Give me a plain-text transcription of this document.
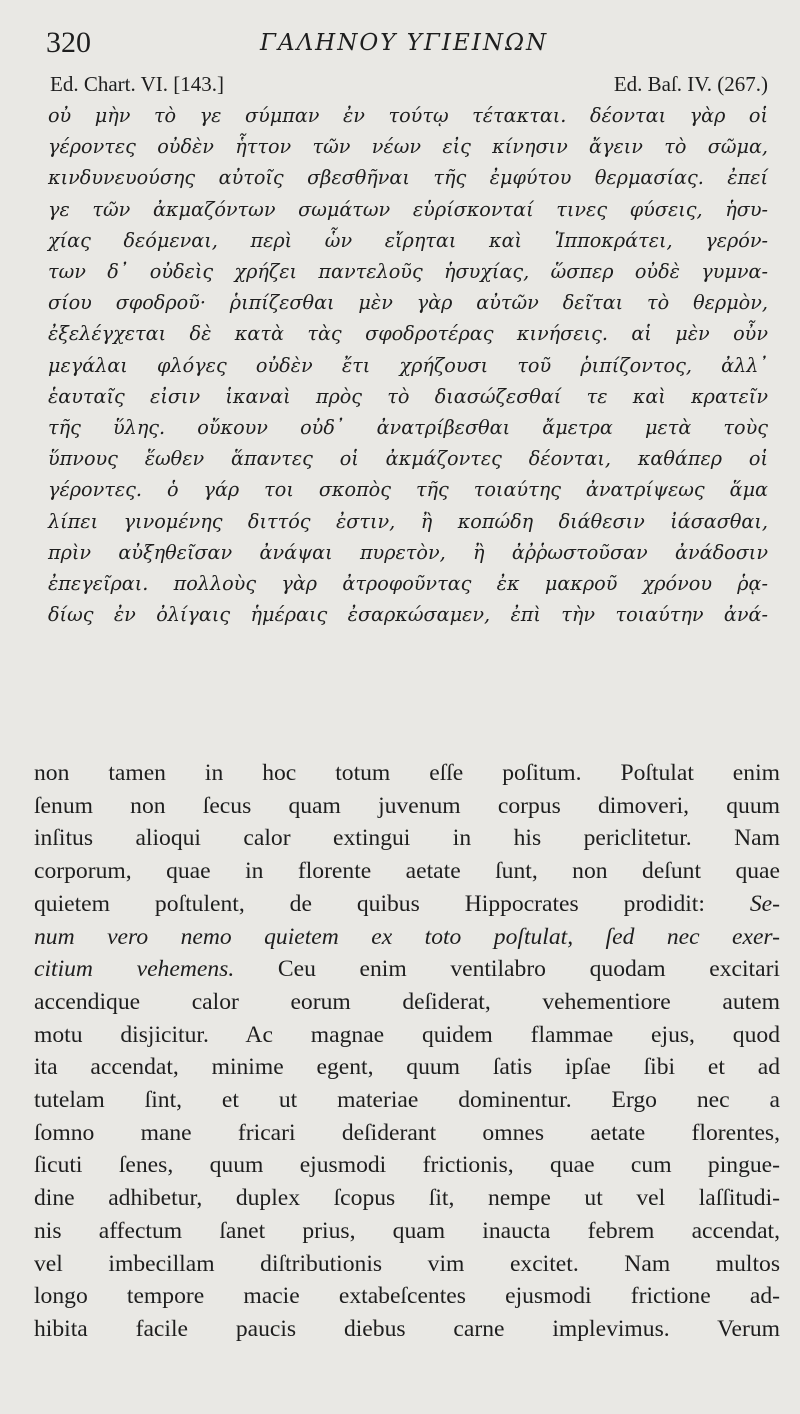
320	ΓΑΛΗΝΟΥ ΥΓΙΕΙΝΩΝ
Ed. Chart. VI. [143.]	Ed. Baſ. IV. (267.)
οὐ μὴν τὸ γε σύμπαν ἐν τούτῳ τέτακται. δέονται γὰρ οἱ
γέροντες οὐδὲν ἧττον τῶν νέων εἰς κίνησιν ἄγειν τὸ σῶμα,
κινδυνευούσης αὐτοῖς σβεσθῆναι τῆς ἐμφύτου θερμασίας. ἐπεί
γε τῶν ἀκμαζόντων σωμάτων εὑρίσκονταί τινες φύσεις, ἡσυ-
χίας δεόμεναι, περὶ ὧν εἴρηται καὶ Ἱπποκράτει, γερόν-
των δ᾽ οὐδεὶς χρήζει παντελοῦς ἡσυχίας, ὥσπερ οὐδὲ γυμνα-
σίου σφοδροῦ· ῥιπίζεσθαι μὲν γὰρ αὐτῶν δεῖται τὸ θερμὸν,
ἐξελέγχεται δὲ κατὰ τὰς σφοδροτέρας κινήσεις. αἱ μὲν οὖν
μεγάλαι φλόγες οὐδὲν ἔτι χρήζουσι τοῦ ῥιπίζοντος, ἀλλ᾽
ἑαυταῖς εἰσιν ἱκαναὶ πρὸς τὸ διασώζεσθαί τε καὶ κρατεῖν
τῆς ὕλης. οὔκουν οὐδ᾽ ἀνατρίβεσθαι ἄμετρα μετὰ τοὺς
ὕπνους ἕωθεν ἅπαντες οἱ ἀκμάζοντες δέονται, καθάπερ οἱ
γέροντες. ὁ γάρ τοι σκοπὸς τῆς τοιαύτης ἀνατρίψεως ἅμα
λίπει γινομένης διττός ἐστιν, ἢ κοπώδη διάθεσιν ἰάσασθαι,
πρὶν αὐξηθεῖσαν ἀνάψαι πυρετὸν, ἢ ἀῤῥωστοῦσαν ἀνάδοσιν
ἐπεγεῖραι. πολλοὺς γὰρ ἀτροφοῦντας ἐκ μακροῦ χρόνου ῥᾳ-
δίως ἐν ὀλίγαις ἡμέραις ἐσαρκώσαμεν, ἐπὶ τὴν τοιαύτην ἀνά-
non tamen in hoc totum eſſe poſitum. Poſtulat enim
ſenum non ſecus quam juvenum corpus dimoveri, quum
inſitus alioqui calor extingui in his periclitetur. Nam
corporum, quae in florente aetate ſunt, non deſunt quae
quietem poſtulent, de quibus Hippocrates prodidit: Se-
num vero nemo quietem ex toto poſtulat, ſed nec exer-
citium vehemens. Ceu enim ventilabro quodam excitari
accendique calor eorum deſiderat, vehementiore autem
motu disjicitur. Ac magnae quidem flammae ejus, quod
ita accendat, minime egent, quum ſatis ipſae ſibi et ad
tutelam ſint, et ut materiae dominentur. Ergo nec a
ſomno mane fricari deſiderant omnes aetate florentes,
ſicuti ſenes, quum ejusmodi frictionis, quae cum pingue-
dine adhibetur, duplex ſcopus ſit, nempe ut vel laſſitudi-
nis affectum ſanet prius, quam inaucta febrem accendat,
vel imbecillam diſtributionis vim excitet. Nam multos
longo tempore macie extabeſcentes ejusmodi frictione ad-
hibita facile paucis diebus carne implevimus. Verum
